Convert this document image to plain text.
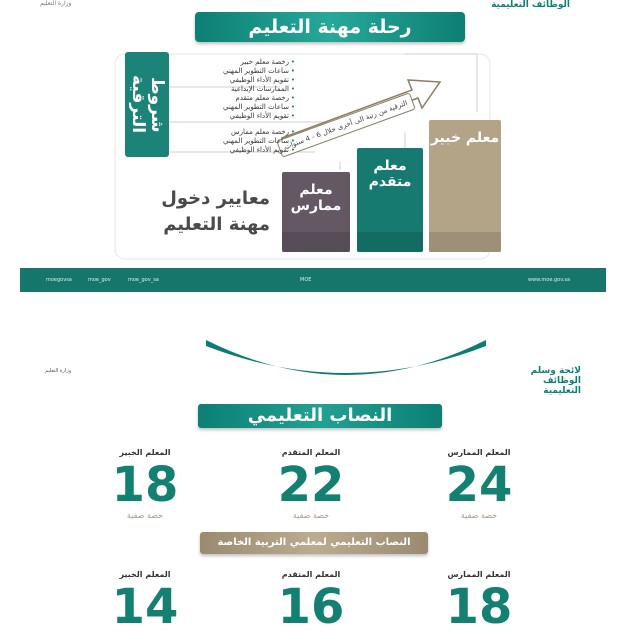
وزارة التعليم	الوظائف التعليمية
رحلة مهنة التعليم
الترقية من رتبة الى أخرى خلال 6 - 4 سنوات
شروط الترقية
• رخصة معلم خبير
• ساعات التطوير المهني
• تقويم الأداء الوظيفي
• الممارسات الإبداعية
• رخصة معلم متقدم
• ساعات التطوير المهني
• تقويم الأداء الوظيفي
• رخصة معلم ممارس
• ساعات التطوير المهني
• تقويم الأداء الوظيفي
معايير دخول مهنة التعليم
معلم ممارس
معلم متقدم
معلم خبير
moegovsa	moe_gov	moe_gov_sa	MOE	www.moe.gov.sa
وزارة التعليم	لائحة وسلم
الوظائف التعليمية
النصاب التعليمي
المعلم الممارس
24
حصة صفية
المعلم المتقدم
22
حصة صفية
المعلم الخبير
18
حصة صفية
النصاب التعليمي لمعلمي التربية الخاصة
المعلم الممارس
18
المعلم المتقدم
16
المعلم الخبير
14
